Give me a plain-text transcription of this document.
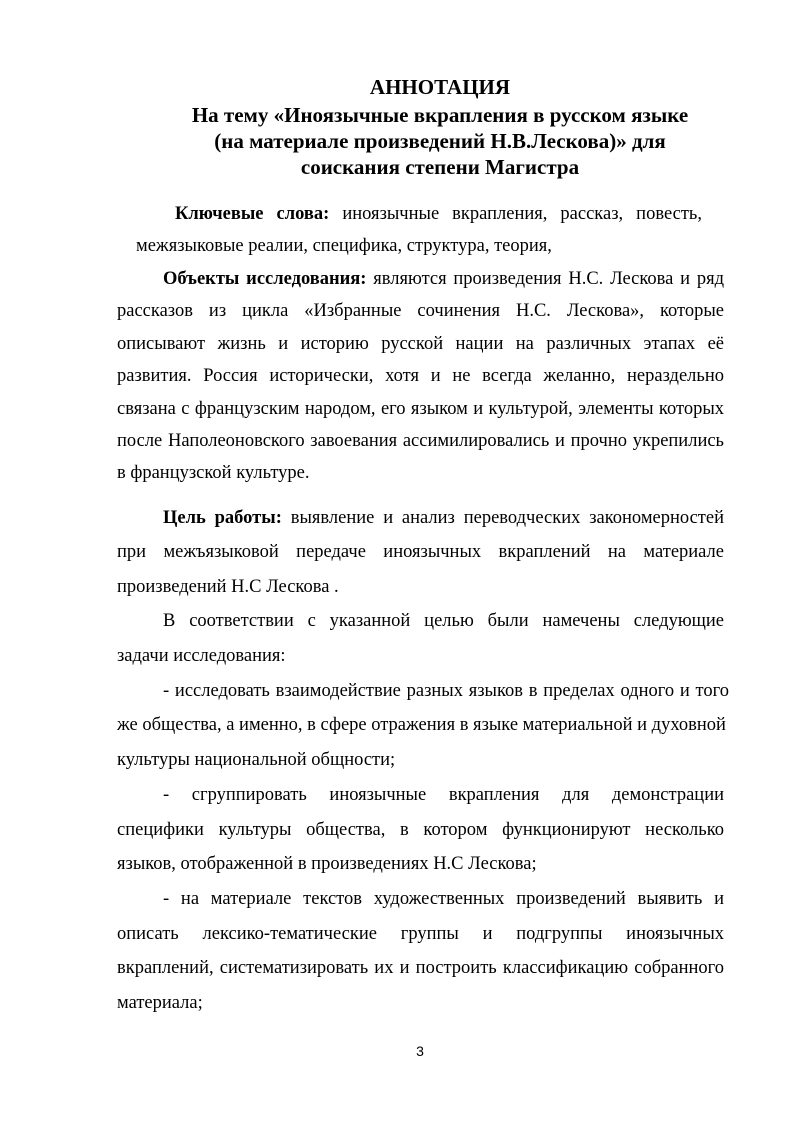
АННОТАЦИЯ
На тему «Иноязычные вкрапления в русском языке
(на материале произведений Н.В.Лескова)» для
соискания степени Магистра
Ключевые слова: иноязычные вкрапления, рассказ, повесть,
межязыковые реалии, специфика, структура, теория,
Объекты исследования: являются произведения Н.С. Лескова и ряд
рассказов из цикла «Избранные сочинения Н.С. Лескова», которые
описывают жизнь и историю русской нации на различных этапах её
развития. Россия исторически, хотя и не всегда желанно, нераздельно
связана с французским народом, его языком и культурой, элементы которых
после Наполеоновского завоевания ассимилировались и прочно укрепились
в французской культуре.
Цель работы: выявление и анализ переводческих закономерностей
при межъязыковой передаче иноязычных вкраплений на материале
произведений Н.С Лескова .
В соответствии с указанной целью были намечены следующие
задачи исследования:
- исследовать взаимодействие разных языков в пределах одного и того
же общества, а именно, в сфере отражения в языке материальной и духовной
культуры национальной общности;
- сгруппировать иноязычные вкрапления для демонстрации
специфики культуры общества, в котором функционируют несколько
языков, отображенной в произведениях Н.С Лескова;
- на материале текстов художественных произведений выявить и
описать лексико-тематические группы и подгруппы иноязычных
вкраплений, систематизировать их и построить классификацию собранного
материала;
3
